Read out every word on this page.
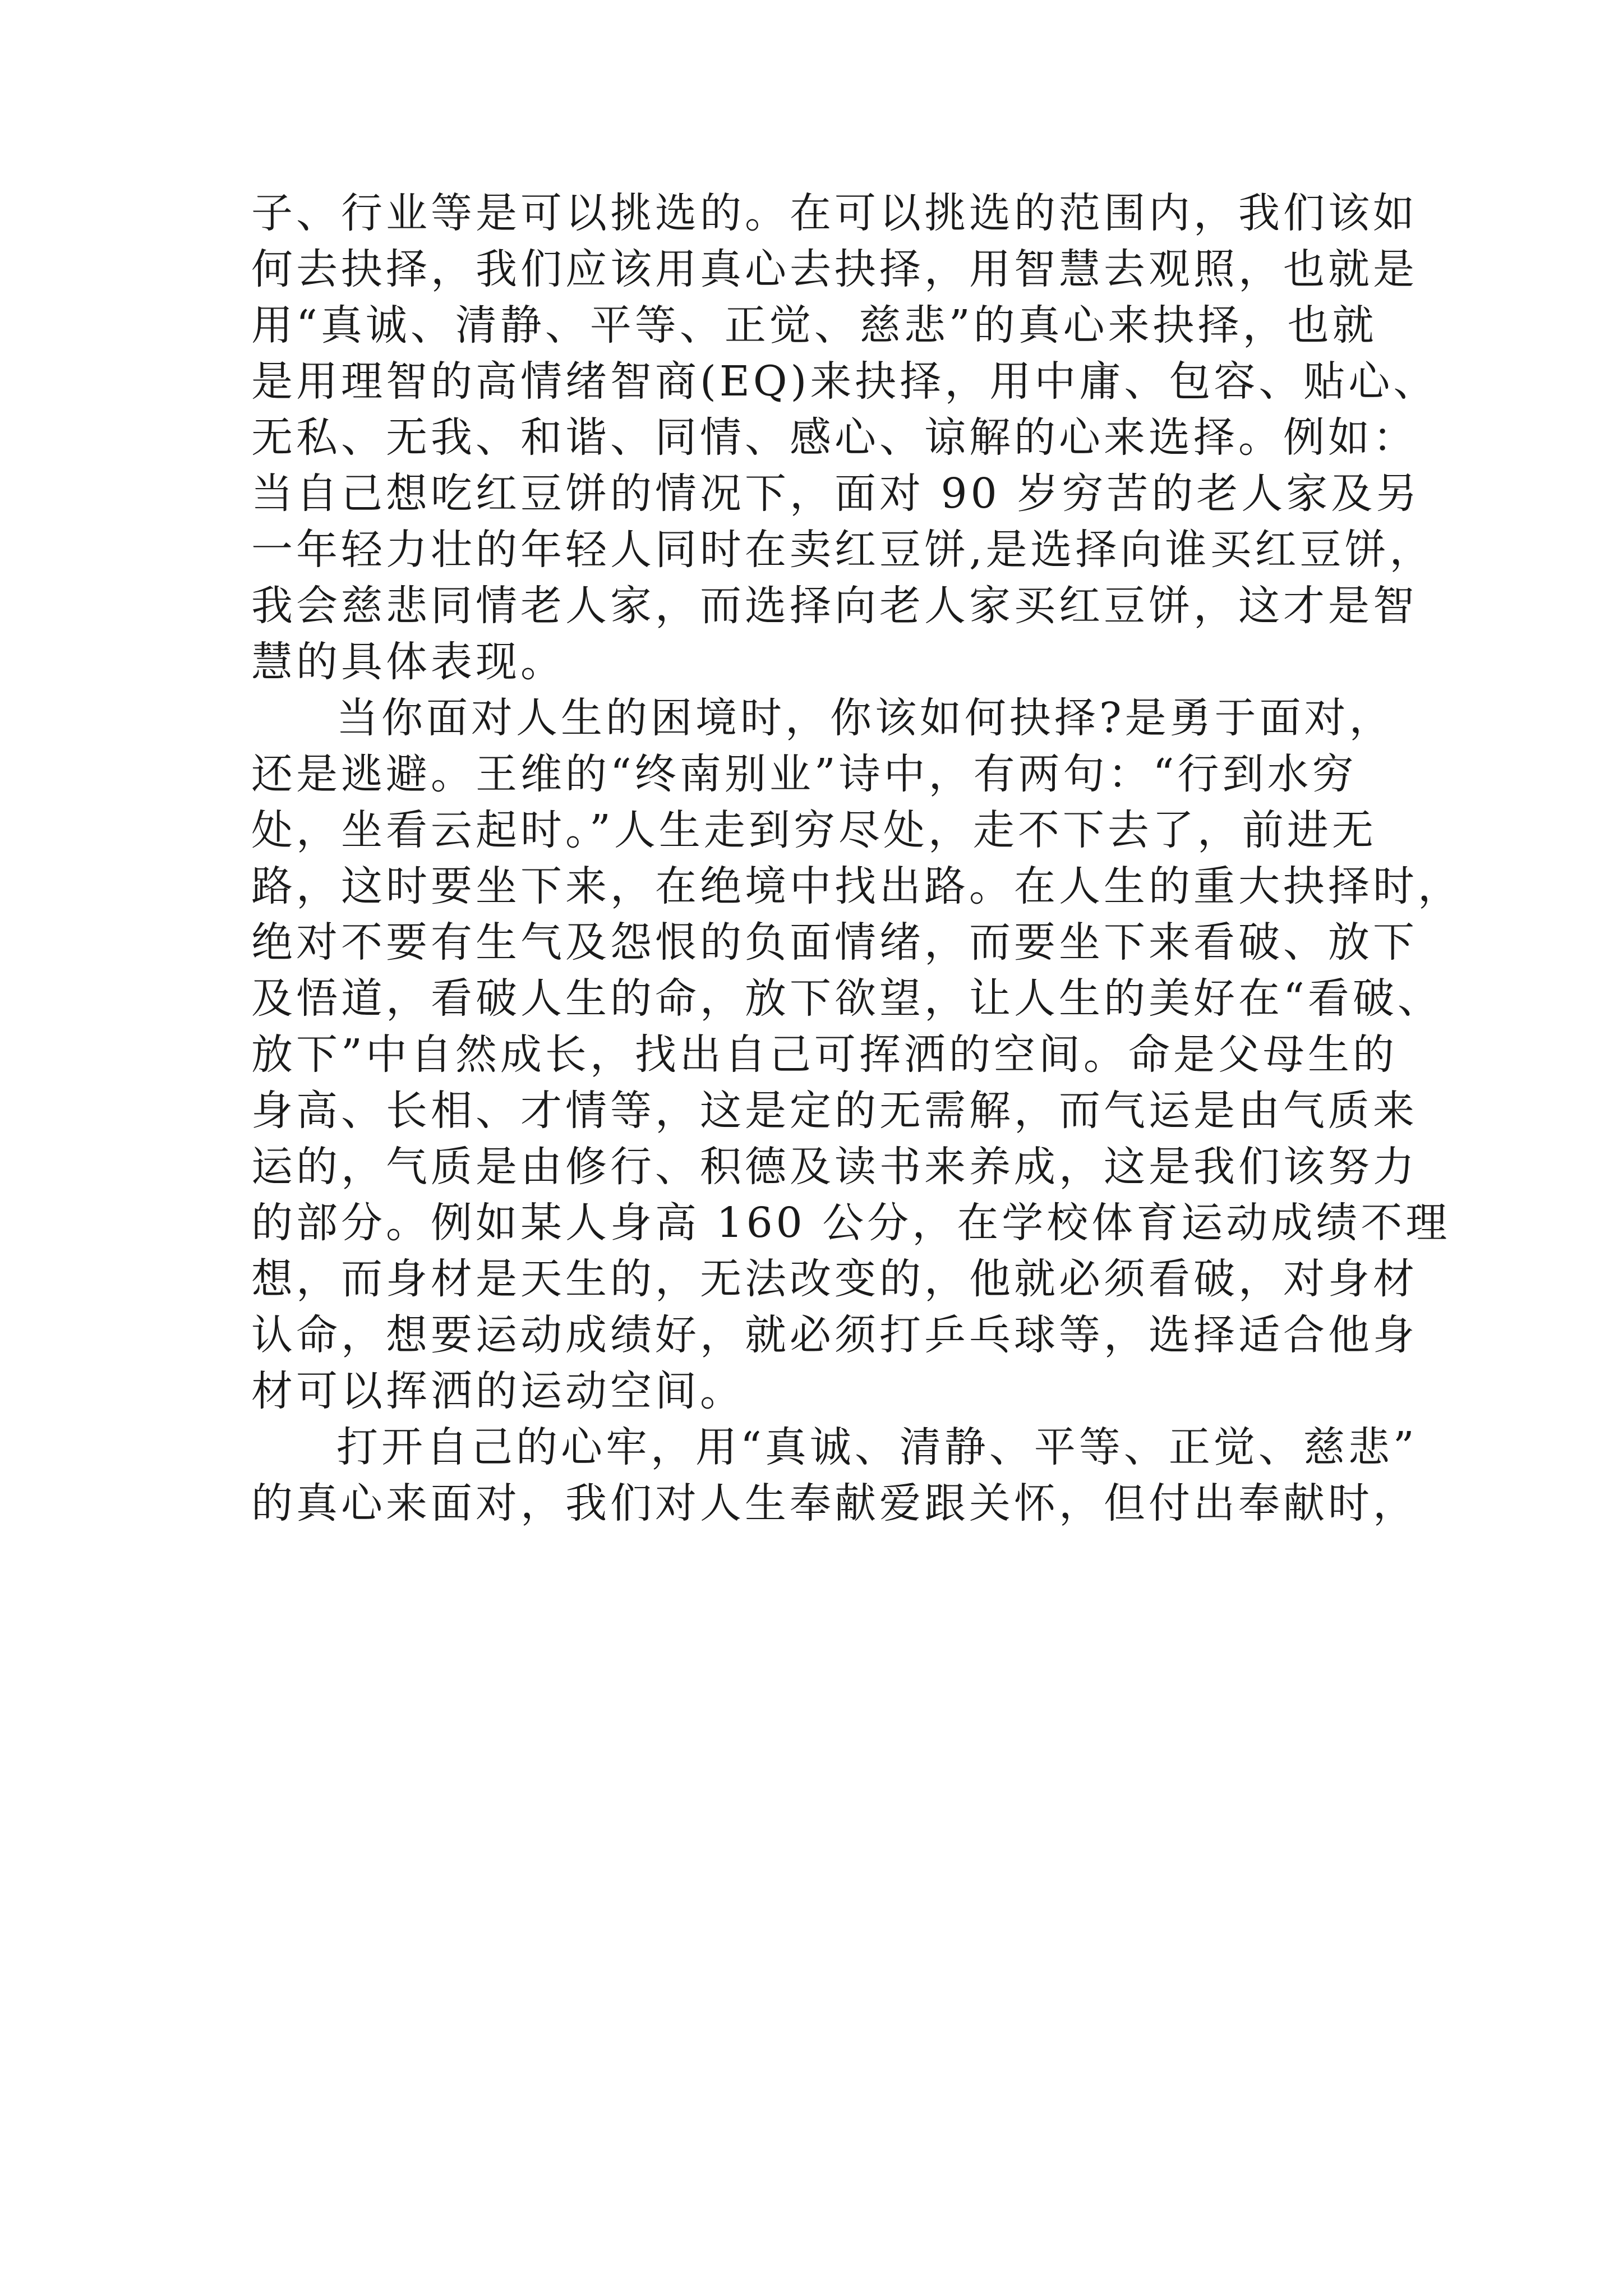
子、行业等是可以挑选的。在可以挑选的范围内，我们该如
何去抉择，我们应该用真心去抉择，用智慧去观照，也就是
用“真诚、清静、平等、正觉、慈悲”的真心来抉择，也就
是用理智的高情绪智商(EQ)来抉择，用中庸、包容、贴心、
无私、无我、和谐、同情、感心、谅解的心来选择。例如：
当自己想吃红豆饼的情况下，面对 90 岁穷苦的老人家及另
一年轻力壮的年轻人同时在卖红豆饼,是选择向谁买红豆饼，
我会慈悲同情老人家，而选择向老人家买红豆饼，这才是智
慧的具体表现。
当你面对人生的困境时，你该如何抉择?是勇于面对，
还是逃避。王维的“终南别业”诗中，有两句：“行到水穷
处，坐看云起时。”人生走到穷尽处，走不下去了，前进无
路，这时要坐下来，在绝境中找出路。在人生的重大抉择时，
绝对不要有生气及怨恨的负面情绪，而要坐下来看破、放下
及悟道，看破人生的命，放下欲望，让人生的美好在“看破、
放下”中自然成长，找出自己可挥洒的空间。命是父母生的
身高、长相、才情等，这是定的无需解，而气运是由气质来
运的，气质是由修行、积德及读书来养成，这是我们该努力
的部分。例如某人身高 160 公分，在学校体育运动成绩不理
想，而身材是天生的，无法改变的，他就必须看破，对身材
认命，想要运动成绩好，就必须打乒乓球等，选择适合他身
材可以挥洒的运动空间。
打开自己的心牢，用“真诚、清静、平等、正觉、慈悲”
的真心来面对，我们对人生奉献爱跟关怀，但付出奉献时，
